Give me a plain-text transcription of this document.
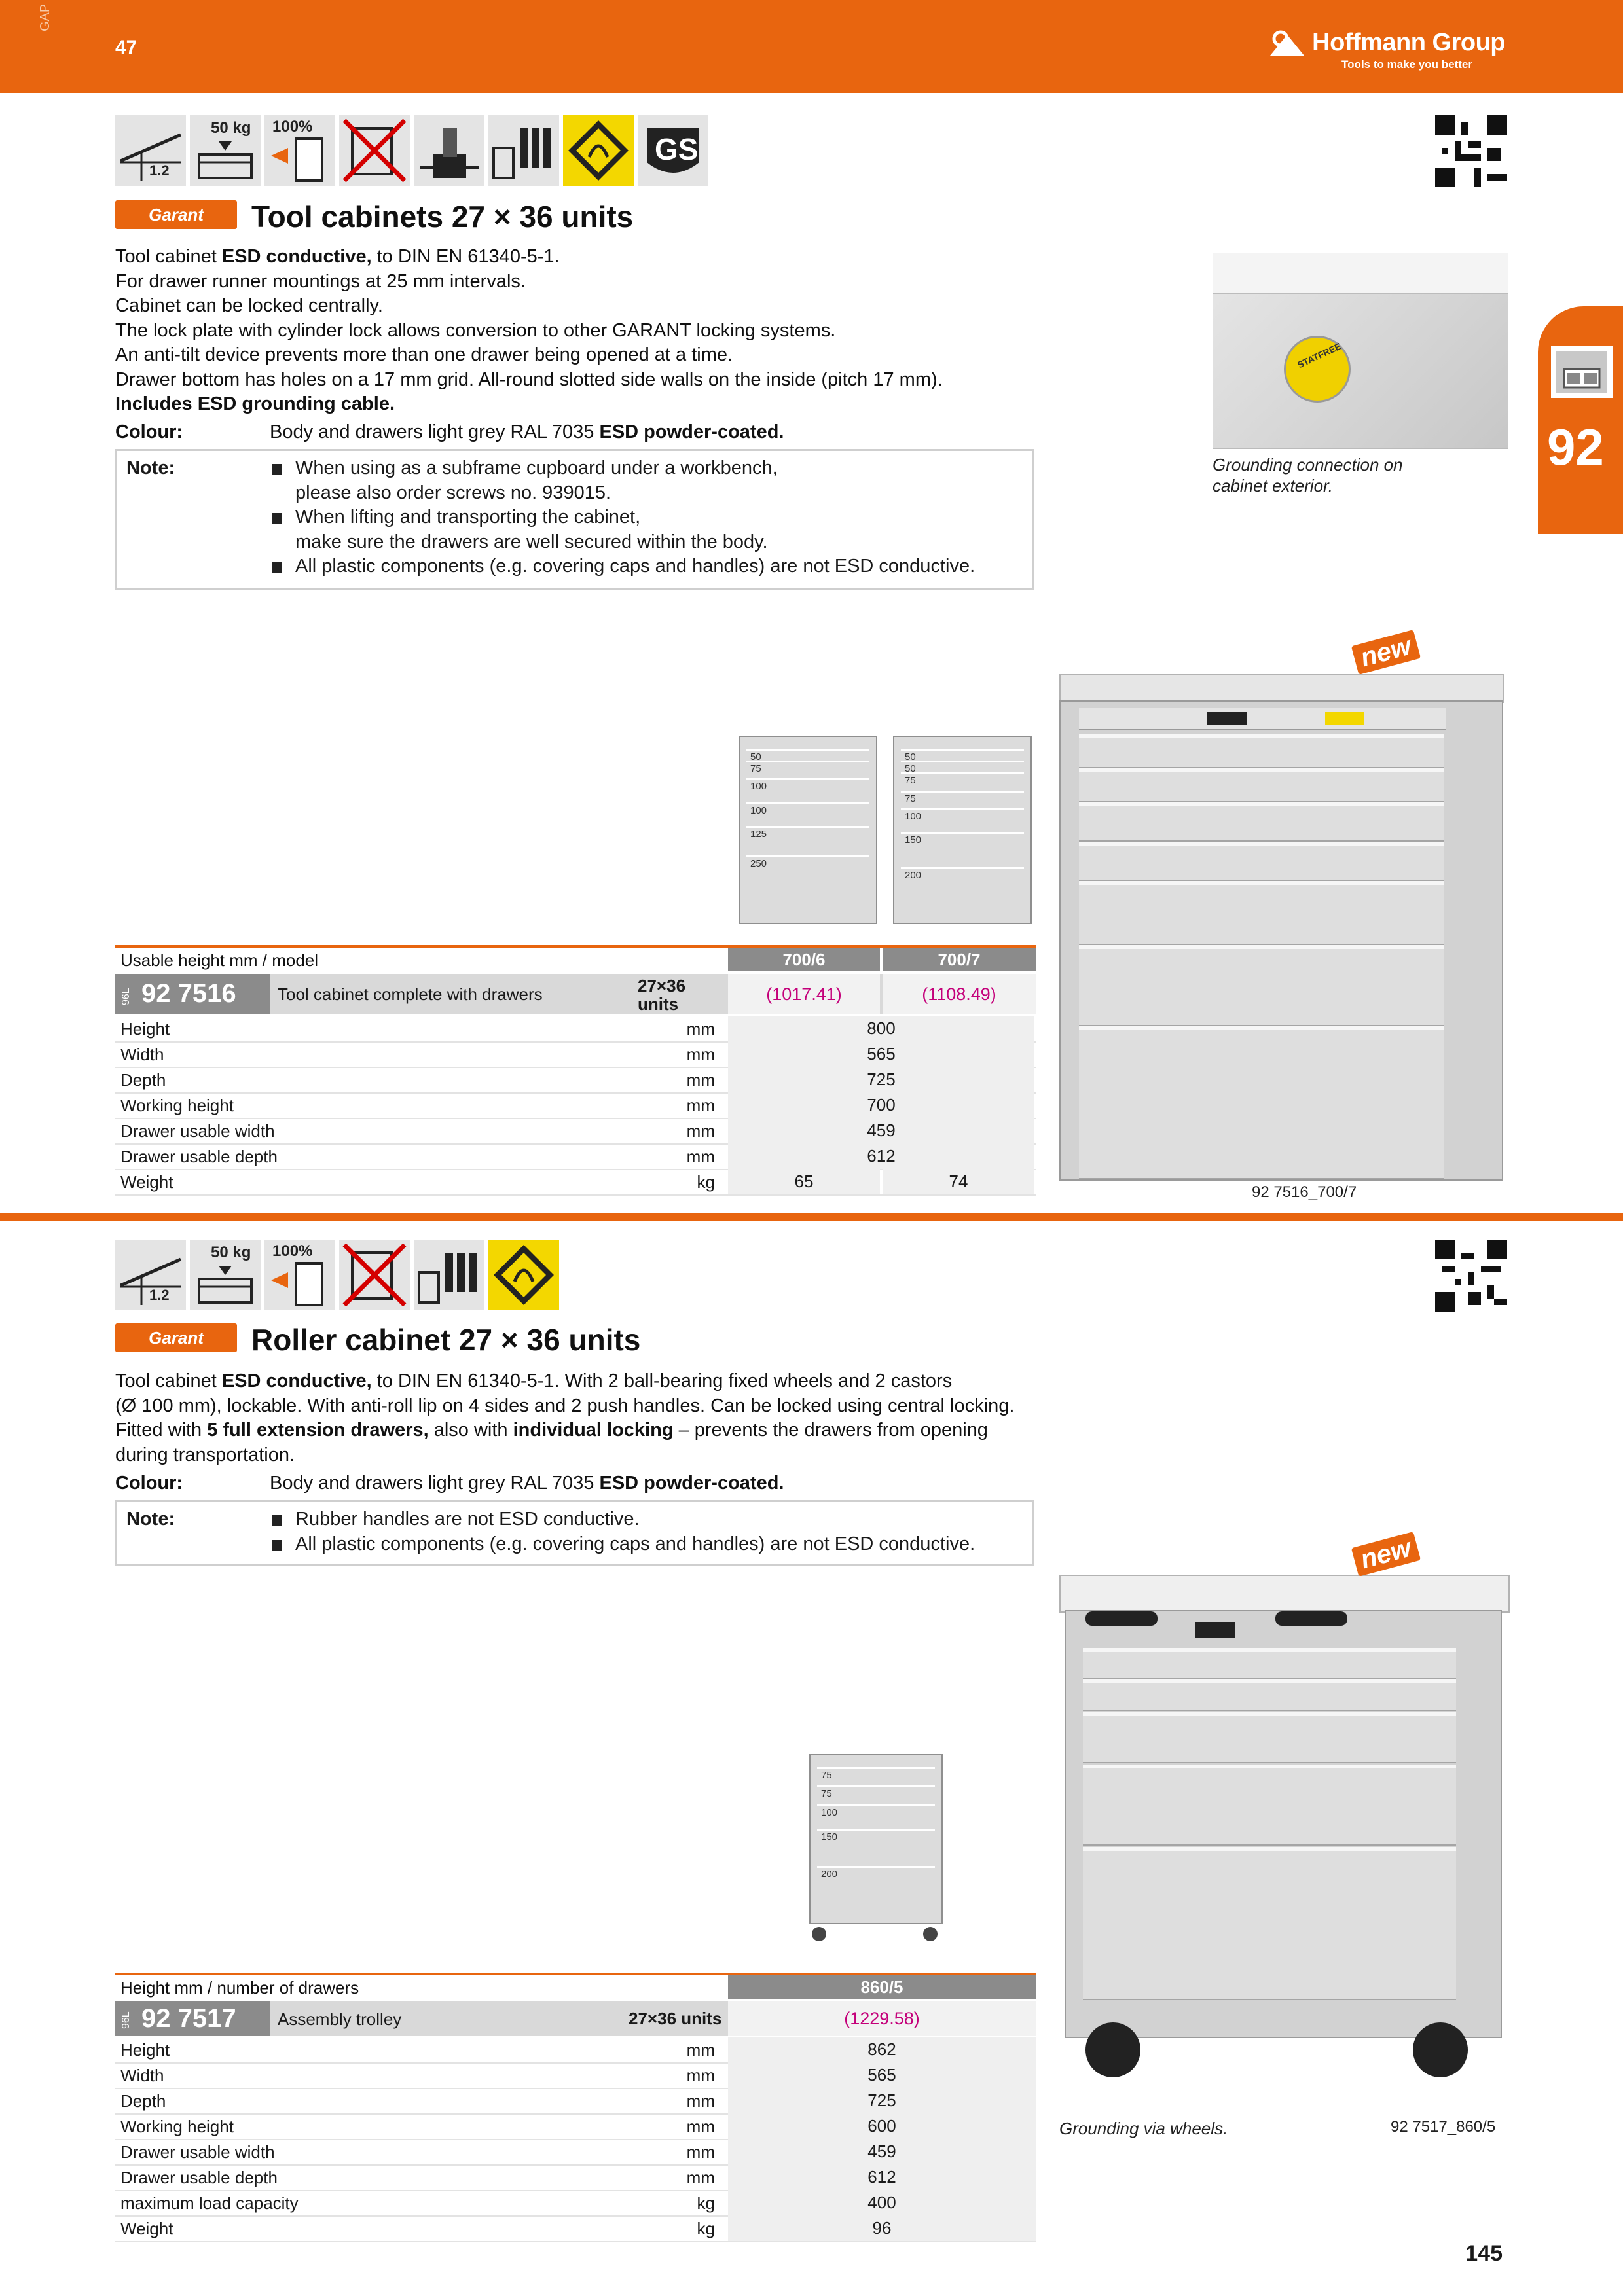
GAP
47	Hoffmann Group
Tools to make you better
92
1.2
50 kg 100%
GS
Garant Tool cabinets 27 × 36 units
Tool cabinet ESD conductive, to DIN EN 61340-5-1.
For drawer runner mountings at 25 mm intervals.
Cabinet can be locked centrally.
The lock plate with cylinder lock allows conversion to other GARANT locking systems.
An anti-tilt device prevents more than one drawer being opened at a time.
Drawer bottom has holes on a 17 mm grid. All-round slotted side walls on the inside (pitch 17 mm).
Includes ESD grounding cable.
Colour:	Body and drawers light grey RAL 7035 ESD powder-coated.
Note:	When using as a subframe cupboard under a workbench,
please also order screws no. 939015.
When lifting and transporting the cabinet,
make sure the drawers are well secured within the body.
All plastic components (e.g. covering caps and handles) are not ESD conductive.
STATFREE
Grounding connection on cabinet exterior.
50
75
100
100
125
250
50
50
75
75
100
150
200
new
92 7516_700/7
Usable height mm / model	700/6	700/7
96L 92 7516 Tool cabinet complete with drawers	27×36 units	(1017.41)	(1108.49)
Height	mm	800
Width	mm	565
Depth	mm	725
Working height	mm	700
Drawer usable width	mm	459
Drawer usable depth	mm	612
Weight	kg	65	74
1.2
50 kg 100%
Garant Roller cabinet 27 × 36 units
Tool cabinet ESD conductive, to DIN EN 61340-5-1. With 2 ball-bearing fixed wheels and 2 castors
(Ø 100 mm), lockable. With anti-roll lip on 4 sides and 2 push handles. Can be locked using central locking.
Fitted with 5 full extension drawers, also with individual locking – prevents the drawers from opening
during transportation.
Colour:	Body and drawers light grey RAL 7035 ESD powder-coated.
Note:	Rubber handles are not ESD conductive.
All plastic components (e.g. covering caps and handles) are not ESD conductive.
75
75
100
150
200
new
Grounding via wheels.	92 7517_860/5
Height mm / number of drawers	860/5
96L 92 7517 Assembly trolley	27×36 units	(1229.58)
Height	mm	862
Width	mm	565
Depth	mm	725
Working height	mm	600
Drawer usable width	mm	459
Drawer usable depth	mm	612
maximum load capacity	kg	400
Weight	kg	96
145
